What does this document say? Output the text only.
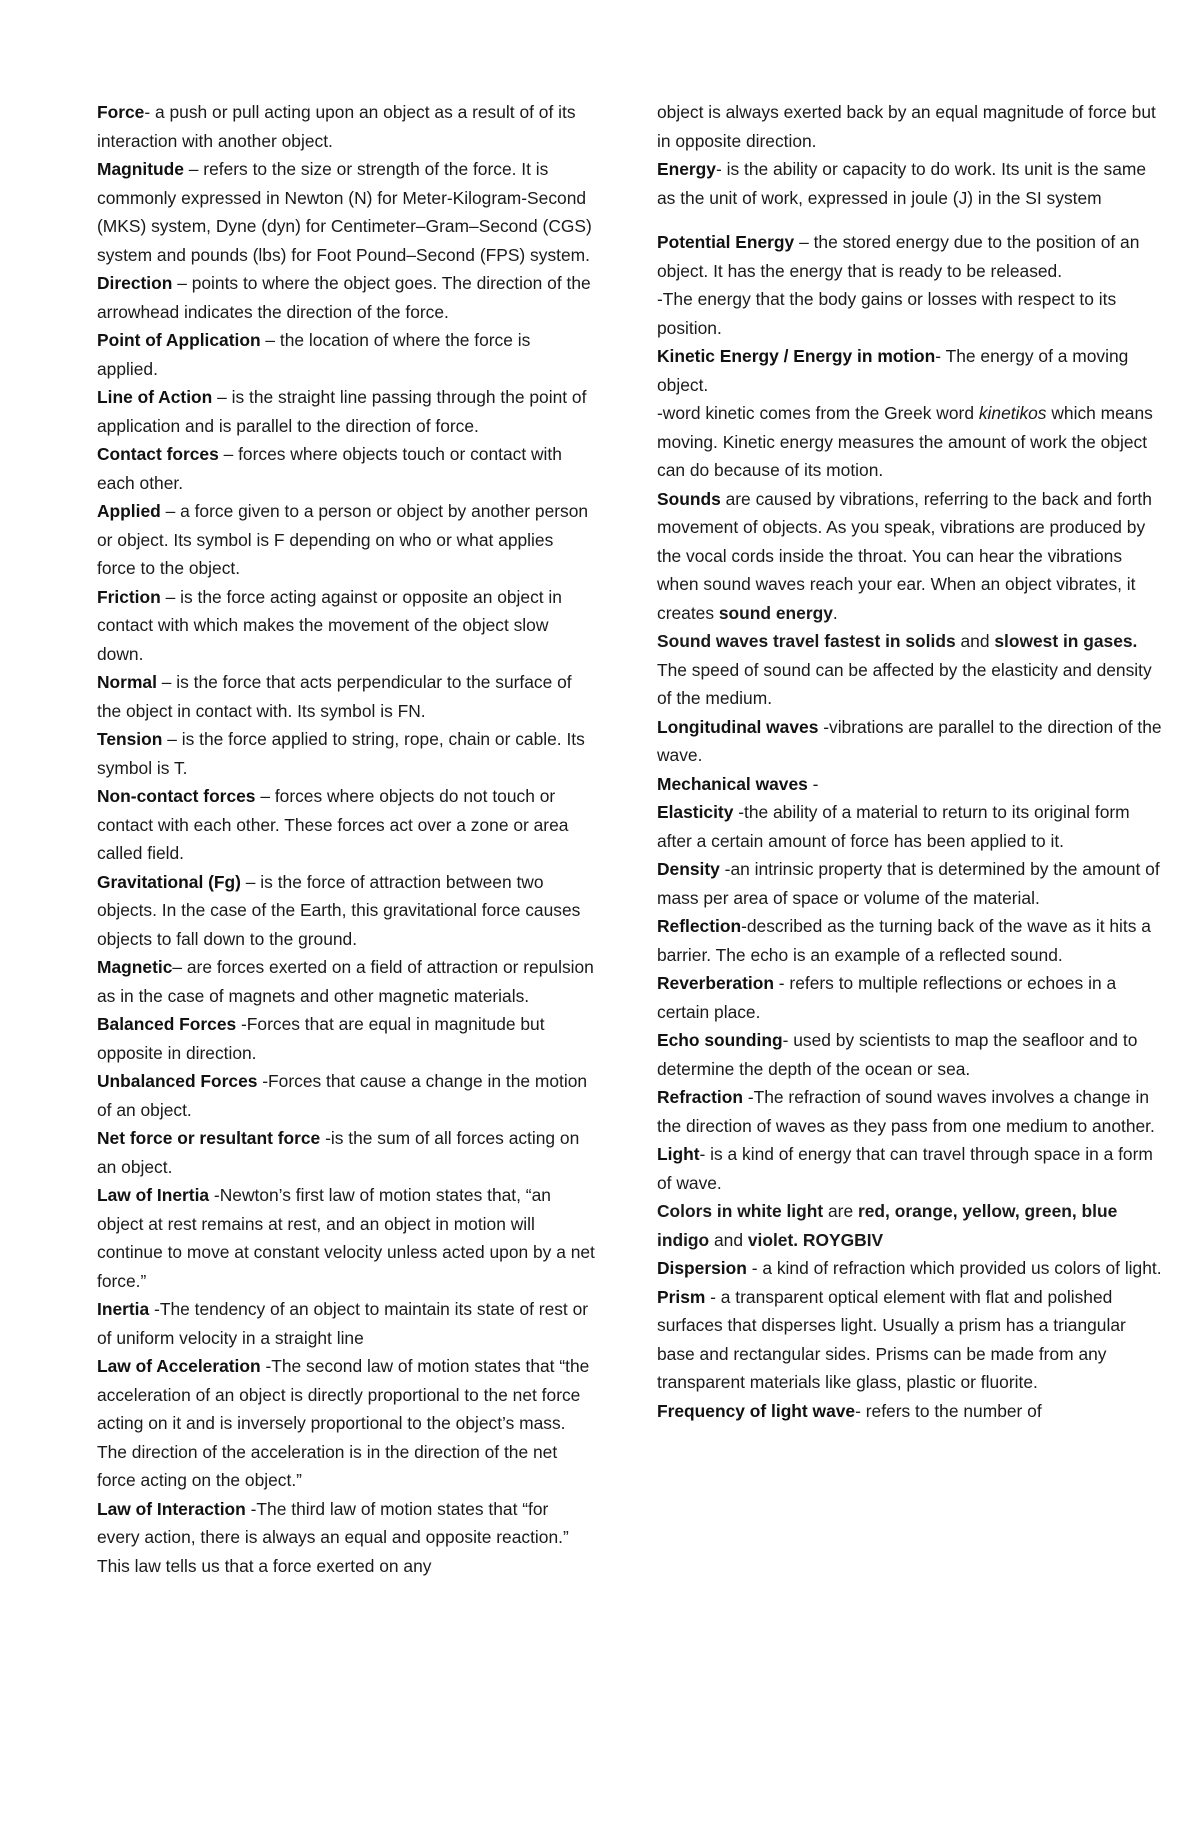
Force- a push or pull acting upon an object as a result of of its interaction with another object.

Magnitude – refers to the size or strength of the force. It is commonly expressed in Newton (N) for Meter-Kilogram-Second (MKS) system, Dyne (dyn) for Centimeter–Gram–Second (CGS) system and pounds (lbs) for Foot Pound–Second (FPS) system.

Direction – points to where the object goes. The direction of the arrowhead indicates the direction of the force.

Point of Application – the location of where the force is applied.

Line of Action – is the straight line passing through the point of application and is parallel to the direction of force.

Contact forces – forces where objects touch or contact with each other.

Applied – a force given to a person or object by another person or object. Its symbol is F depending on who or what applies force to the object.

Friction – is the force acting against or opposite an object in contact with which makes the movement of the object slow down.

Normal – is the force that acts perpendicular to the surface of the object in contact with. Its symbol is FN.

Tension – is the force applied to string, rope, chain or cable. Its symbol is T.

Non-contact forces – forces where objects do not touch or contact with each other. These forces act over a zone or area called field.

Gravitational (Fg) – is the force of attraction between two objects. In the case of the Earth, this gravitational force causes objects to fall down to the ground.

Magnetic– are forces exerted on a field of attraction or repulsion as in the case of magnets and other magnetic materials.

Balanced Forces -Forces that are equal in magnitude but opposite in direction.

Unbalanced Forces -Forces that cause a change in the motion of an object.

Net force or resultant force -is the sum of all forces acting on an object.

Law of Inertia -Newton’s first law of motion states that, “an object at rest remains at rest, and an object in motion will continue to move at constant velocity unless acted upon by a net force.”

Inertia -The tendency of an object to maintain its state of rest or of uniform velocity in a straight line

Law of Acceleration -The second law of motion states that “the acceleration of an object is directly proportional to the net force acting on it and is inversely proportional to the object’s mass. The direction of the acceleration is in the direction of the net force acting on the object.”

Law of Interaction -The third law of motion states that “for every action, there is always an equal and opposite reaction.” This law tells us that a force exerted on any

object is always exerted back by an equal magnitude of force but in opposite direction.

Energy- is the ability or capacity to do work. Its unit is the same as the unit of work, expressed in joule (J) in the SI system

Potential Energy – the stored energy due to the position of an object. It has the energy that is ready to be released.

-The energy that the body gains or losses with respect to its position.

Kinetic Energy / Energy in motion- The energy of a moving object.

-word kinetic comes from the Greek word kinetikos which means moving. Kinetic energy measures the amount of work the object can do because of its motion.

Sounds are caused by vibrations, referring to the back and forth movement of objects. As you speak, vibrations are produced by the vocal cords inside the throat. You can hear the vibrations when sound waves reach your ear. When an object vibrates, it creates sound energy.

Sound waves travel fastest in solids and slowest in gases. The speed of sound can be affected by the elasticity and density of the medium.

Longitudinal waves -vibrations are parallel to the direction of the wave.

Mechanical waves -

Elasticity -the ability of a material to return to its original form after a certain amount of force has been applied to it.

Density -an intrinsic property that is determined by the amount of mass per area of space or volume of the material.

Reflection-described as the turning back of the wave as it hits a barrier. The echo is an example of a reflected sound.

Reverberation - refers to multiple reflections or echoes in a certain place.

Echo sounding- used by scientists to map the seafloor and to determine the depth of the ocean or sea.

Refraction -The refraction of sound waves involves a change in the direction of waves as they pass from one medium to another.

Light- is a kind of energy that can travel through space in a form of wave.

Colors in white light are red, orange, yellow, green, blue indigo and violet. ROYGBIV

Dispersion - a kind of refraction which provided us colors of light.

Prism - a transparent optical element with flat and polished surfaces that disperses light. Usually a prism has a triangular base and rectangular sides. Prisms can be made from any transparent materials like glass, plastic or fluorite.

Frequency of light wave- refers to the number of
